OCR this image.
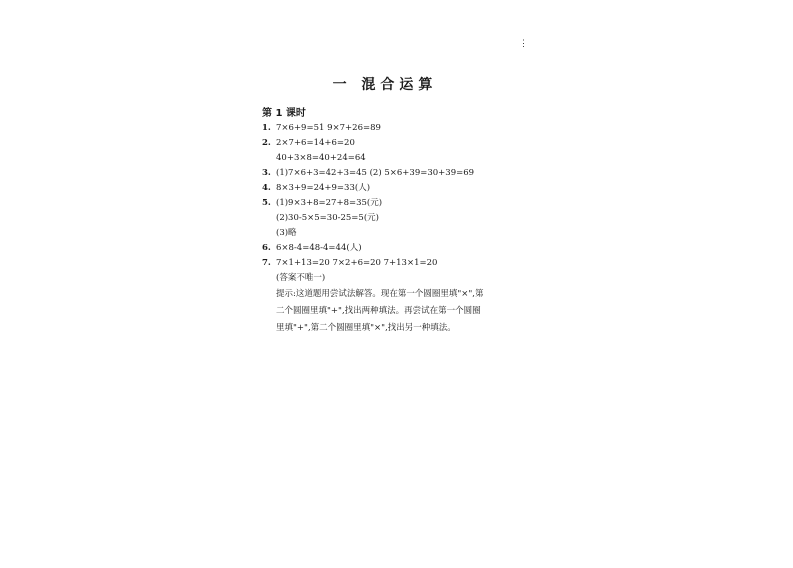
⋮
一 混合运算
第 1 课时
1. 7×6+9=51 9×7+26=89
2. 2×7+6=14+6=20
40+3×8=40+24=64
3. (1)7×6+3=42+3=45 (2) 5×6+39=30+39=69
4. 8×3+9=24+9=33(人)
5. (1)9×3+8=27+8=35(元)
(2)30-5×5=30-25=5(元)
(3)略
6. 6×8-4=48-4=44(人)
7. 7×1+13=20 7×2+6=20 7+13×1=20
(答案不唯一)
提示:这道题用尝试法解答。现在第一个圆圈里填"×",第
二个圆圈里填"+",找出两种填法。再尝试在第一个圆圈
里填"+",第二个圆圈里填"×",找出另一种填法。
